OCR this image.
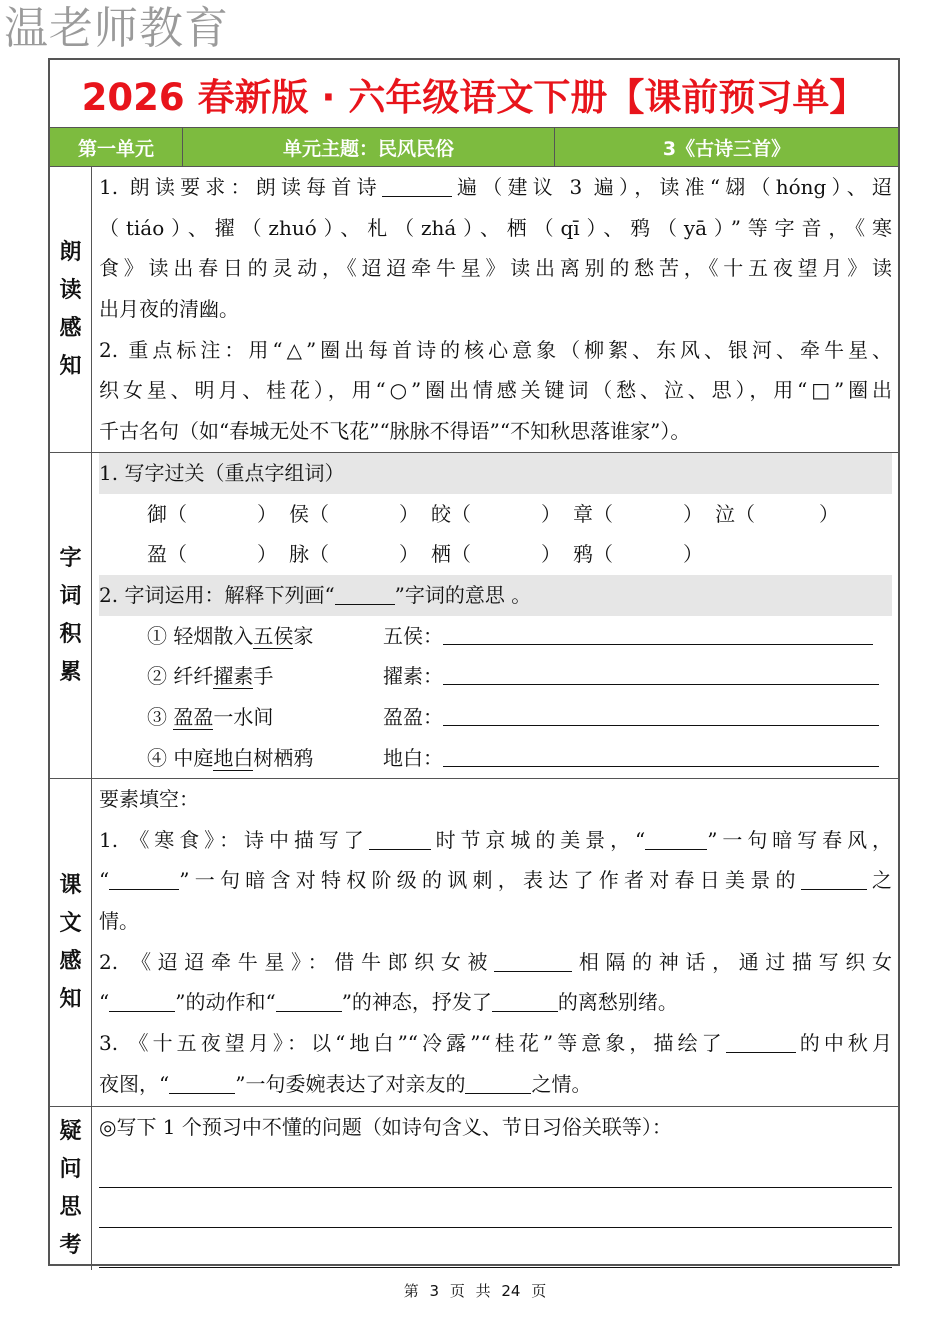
温老师教育
2026 春新版 · 六年级语文下册【课前预习单】
第一单元	单元主题：民风民俗	3《古诗三首》
朗
读
感
知
1. 朗读要求：朗读每首诗	遍（建议 3 遍），读准“翃（hóng）、迢
（tiáo）、擢（zhuó）、札（zhá）、栖（qī）、鸦（yā）”等字音，《寒
食》读出春日的灵动，《迢迢牵牛星》读出离别的愁苦，《十五夜望月》读
出月夜的清幽。
2. 重点标注：用“△”圈出每首诗的核心意象（柳絮、东风、银河、牵牛星、
织女星、明月、桂花），用“○”圈出情感关键词（愁、泣、思），用“□”圈出
千古名句（如“春城无处不飞花”“脉脉不得语”“不知秋思落谁家”）。
字
词
积
累
1. 写字过关（重点字组词）
御（	） 侯（	） 皎（	） 章（	） 泣（	）
盈（	） 脉（	） 栖（	） 鸦（	）
2. 字词运用：解释下列画“	”字词的意思 。
① 轻烟散入五侯家	五侯：
② 纤纤擢素手	擢素：
③ 盈盈一水间	盈盈：
④ 中庭地白树栖鸦	地白：
课
文
感
知
要素填空：
1. 《寒食》：诗中描写了	时节京城的美景，“	”一句暗写春风，
“	”一句暗含对特权阶级的讽刺，表达了作者对春日美景的	之
情。
2. 《迢迢牵牛星》：借牛郎织女被	相隔的神话，通过描写织女
“	”的动作和“	”的神态，抒发了	的离愁别绪。
3. 《十五夜望月》：以“地白”“冷露”“桂花”等意象，描绘了	的中秋月
夜图，“	”一句委婉表达了对亲友的	之情。
疑
问
思
考
◎写下 1 个预习中不懂的问题（如诗句含义、节日习俗关联等）：
第 3 页 共 24 页
